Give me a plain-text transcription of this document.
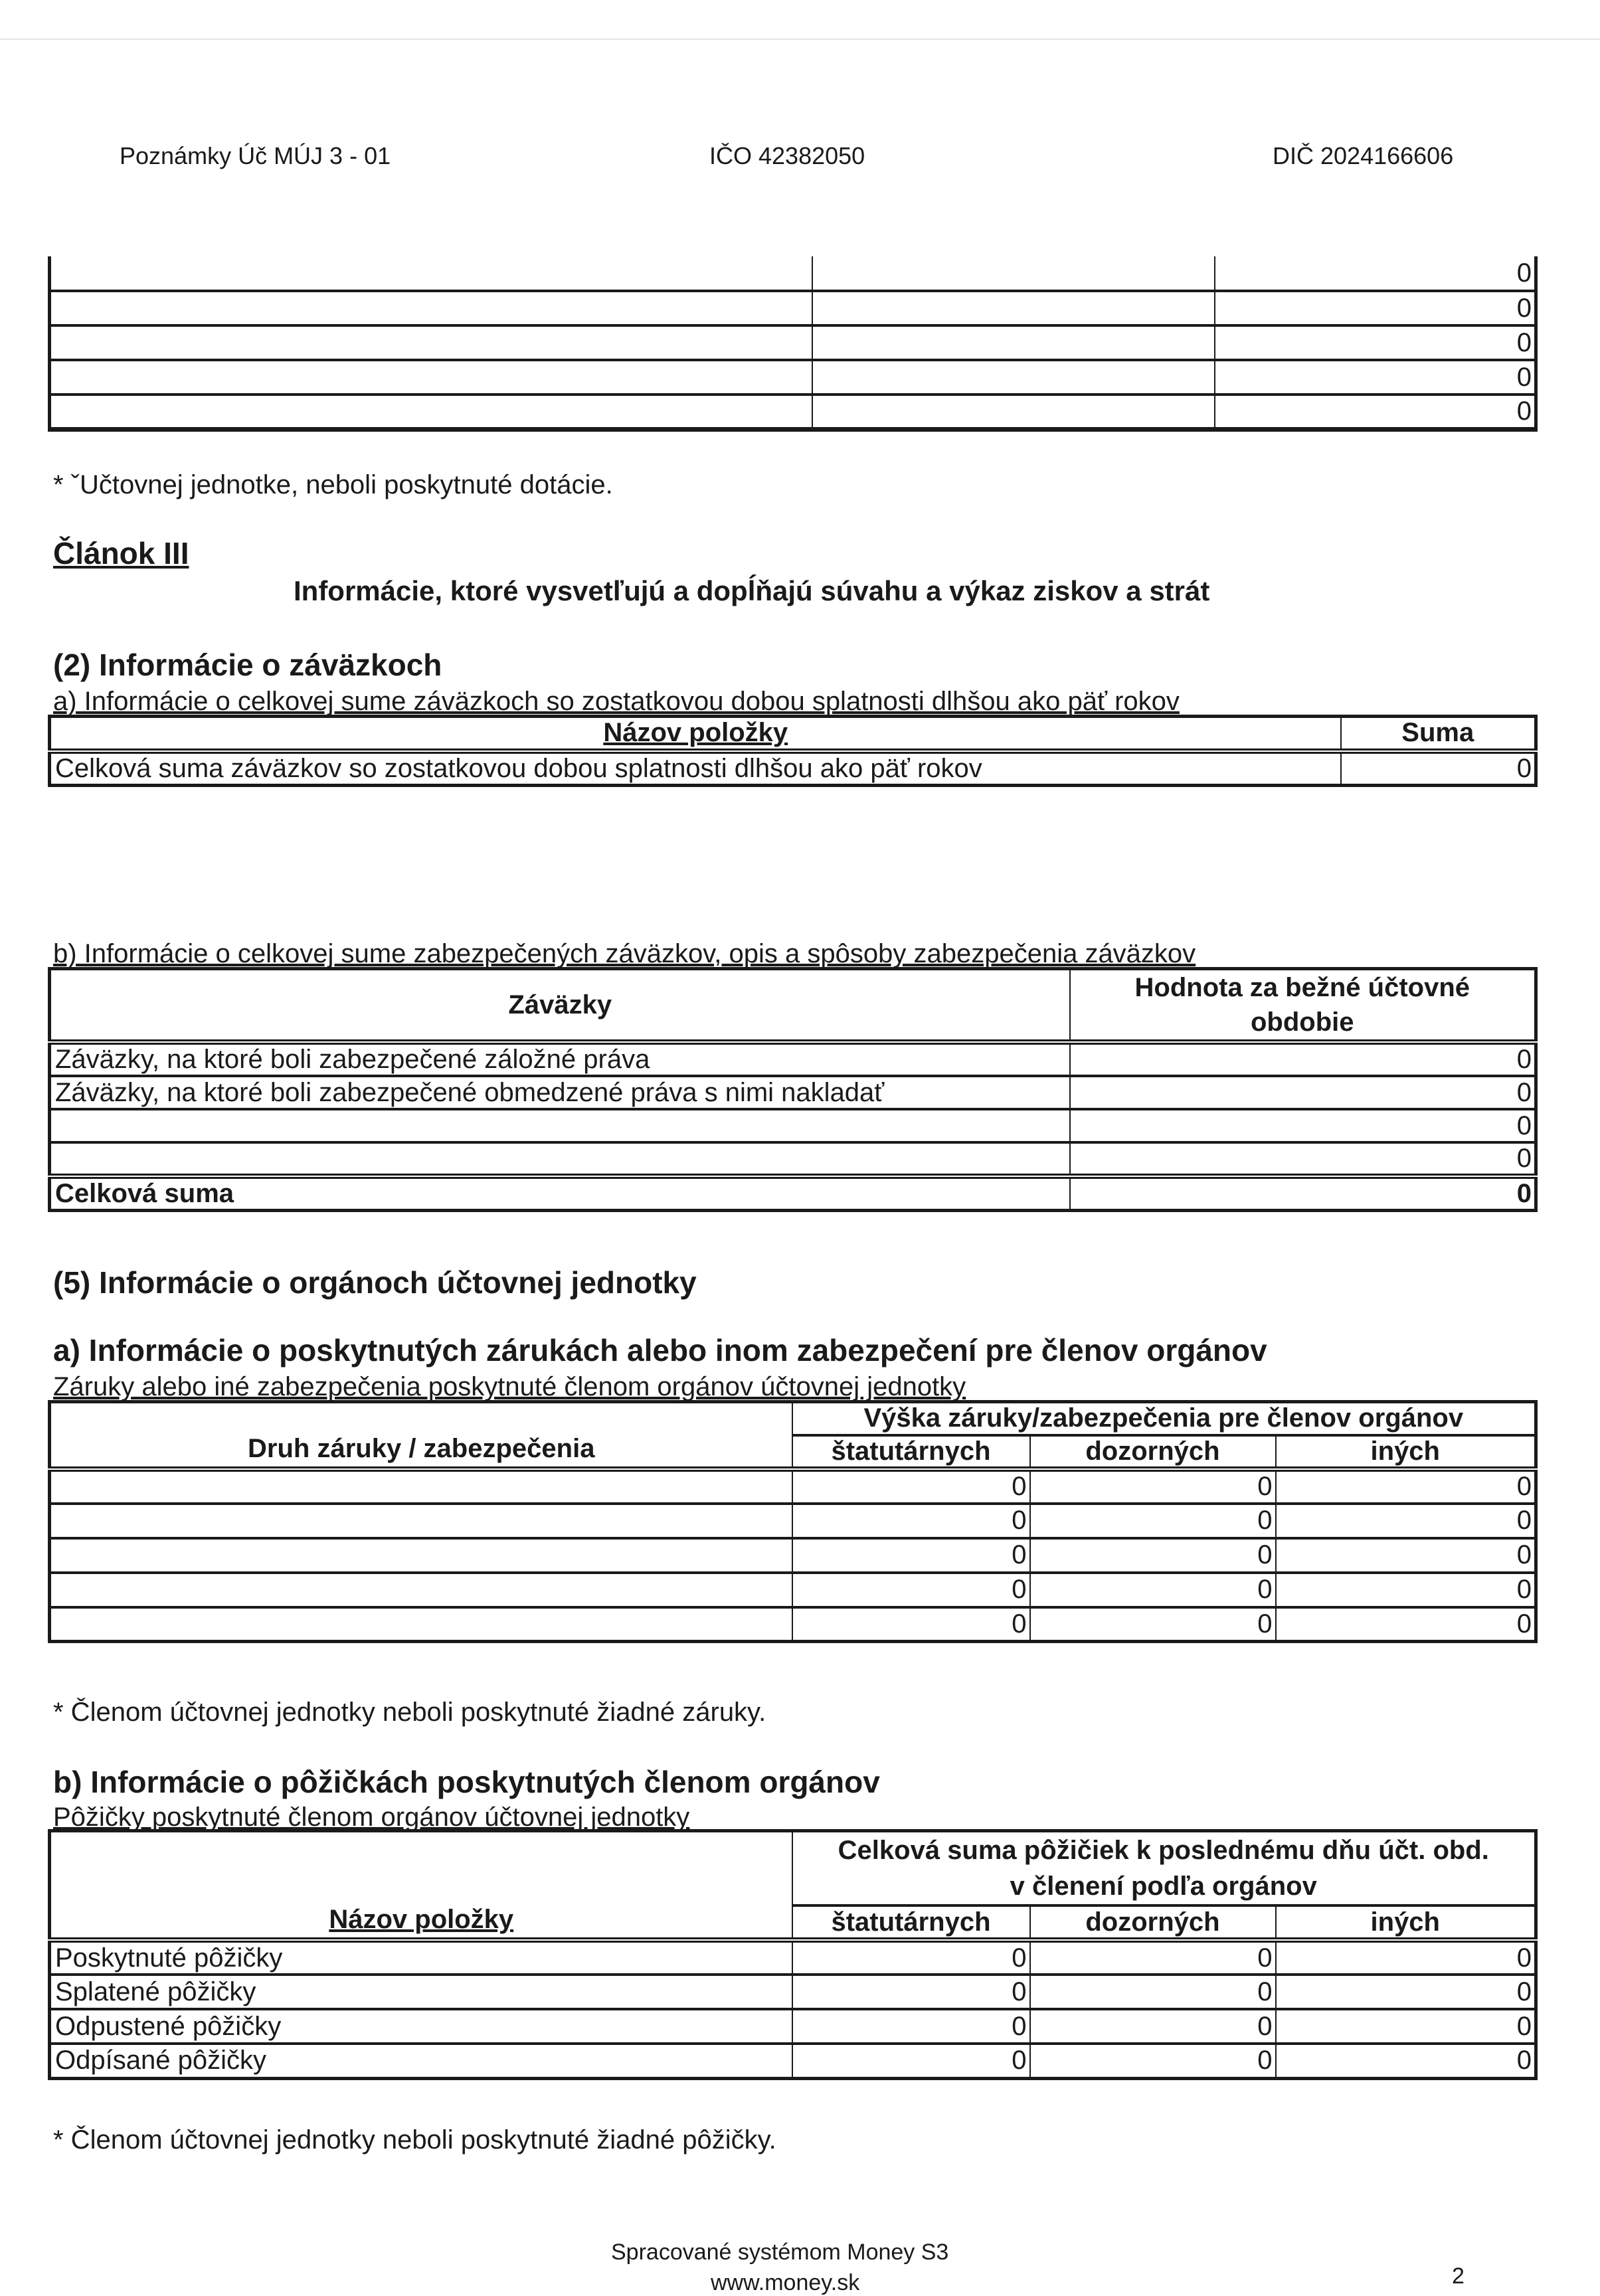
Poznámky Úč MÚJ 3 - 01	IČO 42382050	DIČ 2024166606
		0
		0
		0
		0
		0
* ˇUčtovnej jednotke, neboli poskytnuté dotácie.
Článok III
Informácie, ktoré vysvetľujú a dopĺňajú súvahu a výkaz ziskov a strát
(2) Informácie o záväzkoch
a) Informácie o celkovej sume záväzkoch so zostatkovou dobou splatnosti dlhšou ako päť rokov
Názov položky	Suma
Celková suma záväzkov so zostatkovou dobou splatnosti dlhšou ako päť rokov	0
b) Informácie o celkovej sume zabezpečených záväzkov, opis a spôsoby zabezpečenia záväzkov
Záväzky	Hodnota za bežné účtovné obdobie
Záväzky, na ktoré boli zabezpečené záložné práva	0
Záväzky, na ktoré boli zabezpečené obmedzené práva s nimi nakladať	0
	0
	0
Celková suma	0
(5) Informácie o orgánoch účtovnej jednotky
a) Informácie o poskytnutých zárukách alebo inom zabezpečení pre členov orgánov
Záruky alebo iné zabezpečenia poskytnuté členom orgánov účtovnej jednotky
Druh záruky / zabezpečenia	Výška záruky/zabezpečenia pre členov orgánov		
	štatutárnych	dozorných	iných
	0	0	0
	0	0	0
	0	0	0
	0	0	0
	0	0	0
* Členom účtovnej jednotky neboli poskytnuté žiadné záruky.
b) Informácie o pôžičkách poskytnutých členom orgánov
Pôžičky poskytnuté členom orgánov účtovnej jednotky
Názov položky	Celková suma pôžičiek k poslednému dňu účt. obd.
v členení podľa orgánov		

	štatutárnych	dozorných	iných
Poskytnuté pôžičky	0	0	0
Splatené pôžičky	0	0	0
Odpustené pôžičky	0	0	0
Odpísané pôžičky	0	0	0
* Členom účtovnej jednotky neboli poskytnuté žiadné pôžičky.
Spracované systémom Money S3
www.money.sk	2
